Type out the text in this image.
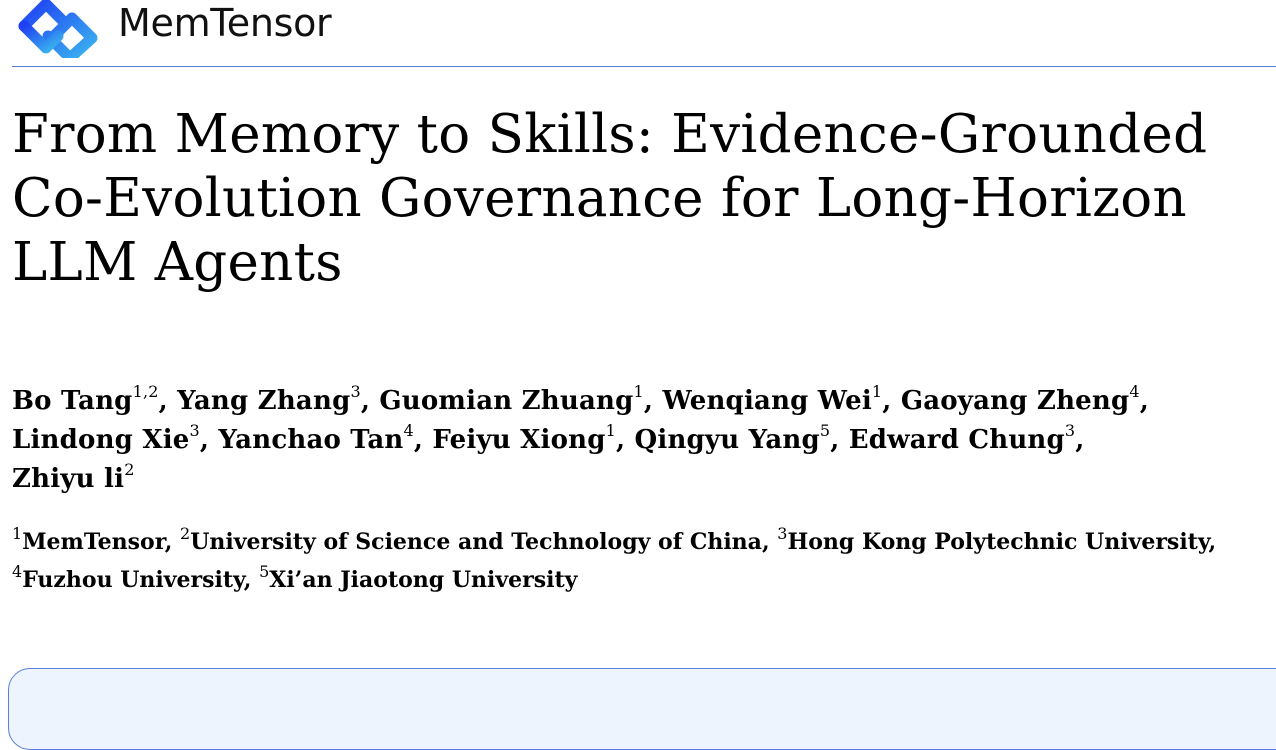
MemTensor
From Memory to Skills: Evidence-Grounded
Co-Evolution Governance for Long-Horizon
LLM Agents
Bo Tang$^{1,2}$, Yang Zhang$^3$, Guomian Zhuang$^1$, Wenqiang Wei$^1$, Gaoyang Zheng$^4$,
Lindong Xie$^3$, Yanchao Tan$^4$, Feiyu Xiong$^1$, Qingyu Yang$^5$, Edward Chung$^3$,
Zhiyu $li^2$
$^1$MemTensor, $^2$University of Science and Technology of China, $^3$Hong Kong Polytechnic University, $^4$Fuzhou University, $^5$Xi’an Jiaotong University
